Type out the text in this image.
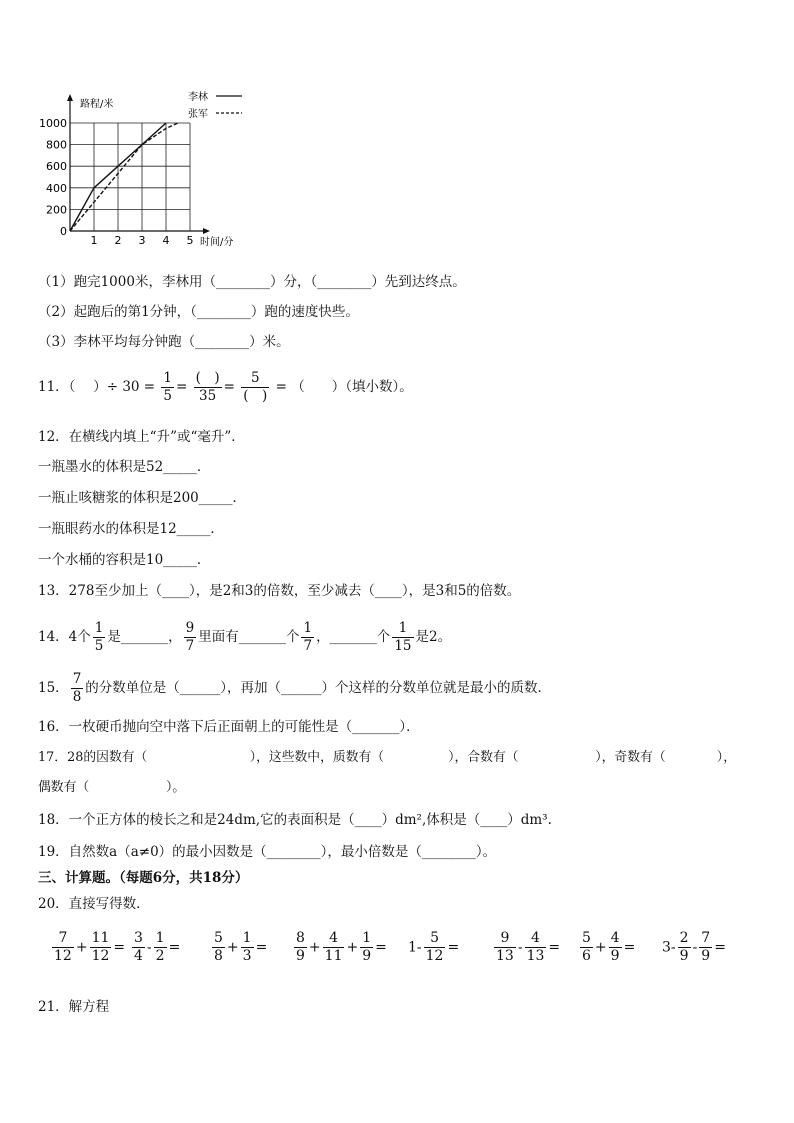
1 2 3 4 5
0
200
400
600
800
1000
路程/米
时间/分
李林
张军
（1）跑完1000米，李林用（________）分，（________）先到达终点。
（2）起跑后的第1分钟，（________）跑的速度快些。
（3）李林平均每分钟跑（________）米。
11．（　 ）÷ $30 = \frac{1}{5} = \frac{( )}{35} = \frac{5}{( )}$ = （　　）（填小数）。
12．在横线内填上“升”或“毫升”．
一瓶墨水的体积是52_____．
一瓶止咳糖浆的体积是200_____．
一瓶眼药水的体积是12_____．
一个水桶的容积是10_____．
13．278至少加上（____），是2和3的倍数，至少减去（____），是3和5的倍数。
14．4个 $\frac{1}{5}$ 是_______， $\frac{9}{7}$ 里面有_______个 $\frac{1}{7}$ ，_______个 $\frac{1}{15}$ 是2。
15． $\frac{7}{8}$ 的分数单位是（______），再加（______）个这样的分数单位就是最小的质数．
16．一枚硬币抛向空中落下后正面朝上的可能性是（_______）．
17．28的因数有（　　　　　　　　），这些数中，质数有（　　　　　），合数有（　　　　　　），奇数有（　　　　），
偶数有（　　　　　　）。
18．一个正方体的棱长之和是24dm,它的表面积是（____）dm²,体积是（____）dm³.
19．自然数a（a≠0）的最小因数是（________），最小倍数是（________）。
三、计算题。（每题6分，共18分）
20．直接写得数．
$\frac{7}{12} + \frac{11}{12} = \frac{3}{4} - \frac{1}{2} = \frac{5}{8} + \frac{1}{3} = \frac{8}{9} + \frac{4}{11} + \frac{1}{9} = 1- \frac{5}{12} = \frac{9}{13} - \frac{4}{13} = \frac{5}{6} + \frac{4}{9} = 3- \frac{2}{9} - \frac{7}{9}$ =
21．解方程
